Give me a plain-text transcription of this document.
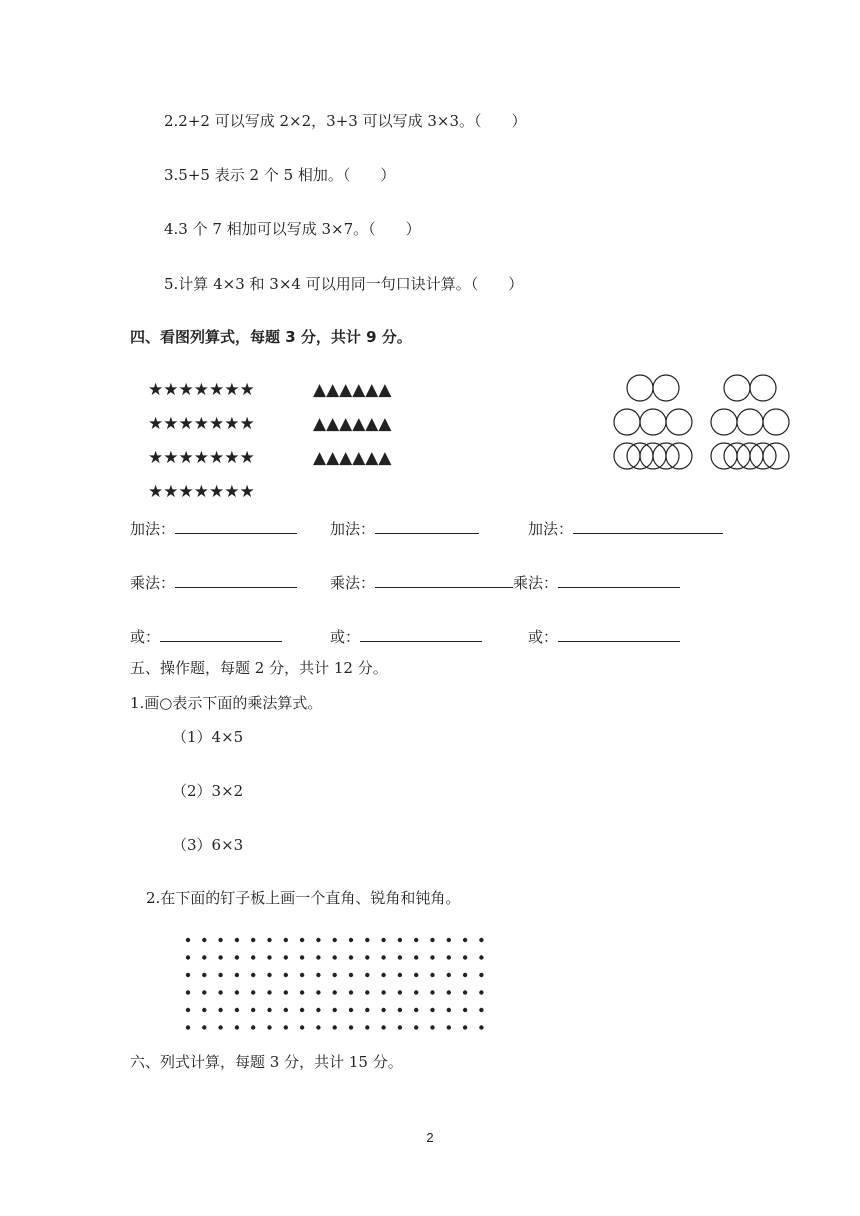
2.2+2 可以写成 2×2，3+3 可以写成 3×3。（　　）
3.5+5 表示 2 个 5 相加。（　　）
4.3 个 7 相加可以写成 3×7。（　　）
5.计算 4×3 和 3×4 可以用同一句口诀计算。（　　）
四、看图列算式，每题 3 分，共计 9 分。
★★★★★★★
★★★★★★★
★★★★★★★
★★★★★★★
▲▲▲▲▲▲
▲▲▲▲▲▲
▲▲▲▲▲▲
加法：	加法：	加法：
乘法：	乘法：	乘法：
或：	或：	或：
五、操作题，每题 2 分，共计 12 分。
1.画○表示下面的乘法算式。
（1）4×5
（2）3×2
（3）6×3
2.在下面的钉子板上画一个直角、锐角和钝角。
六、列式计算，每题 3 分，共计 15 分。
2
